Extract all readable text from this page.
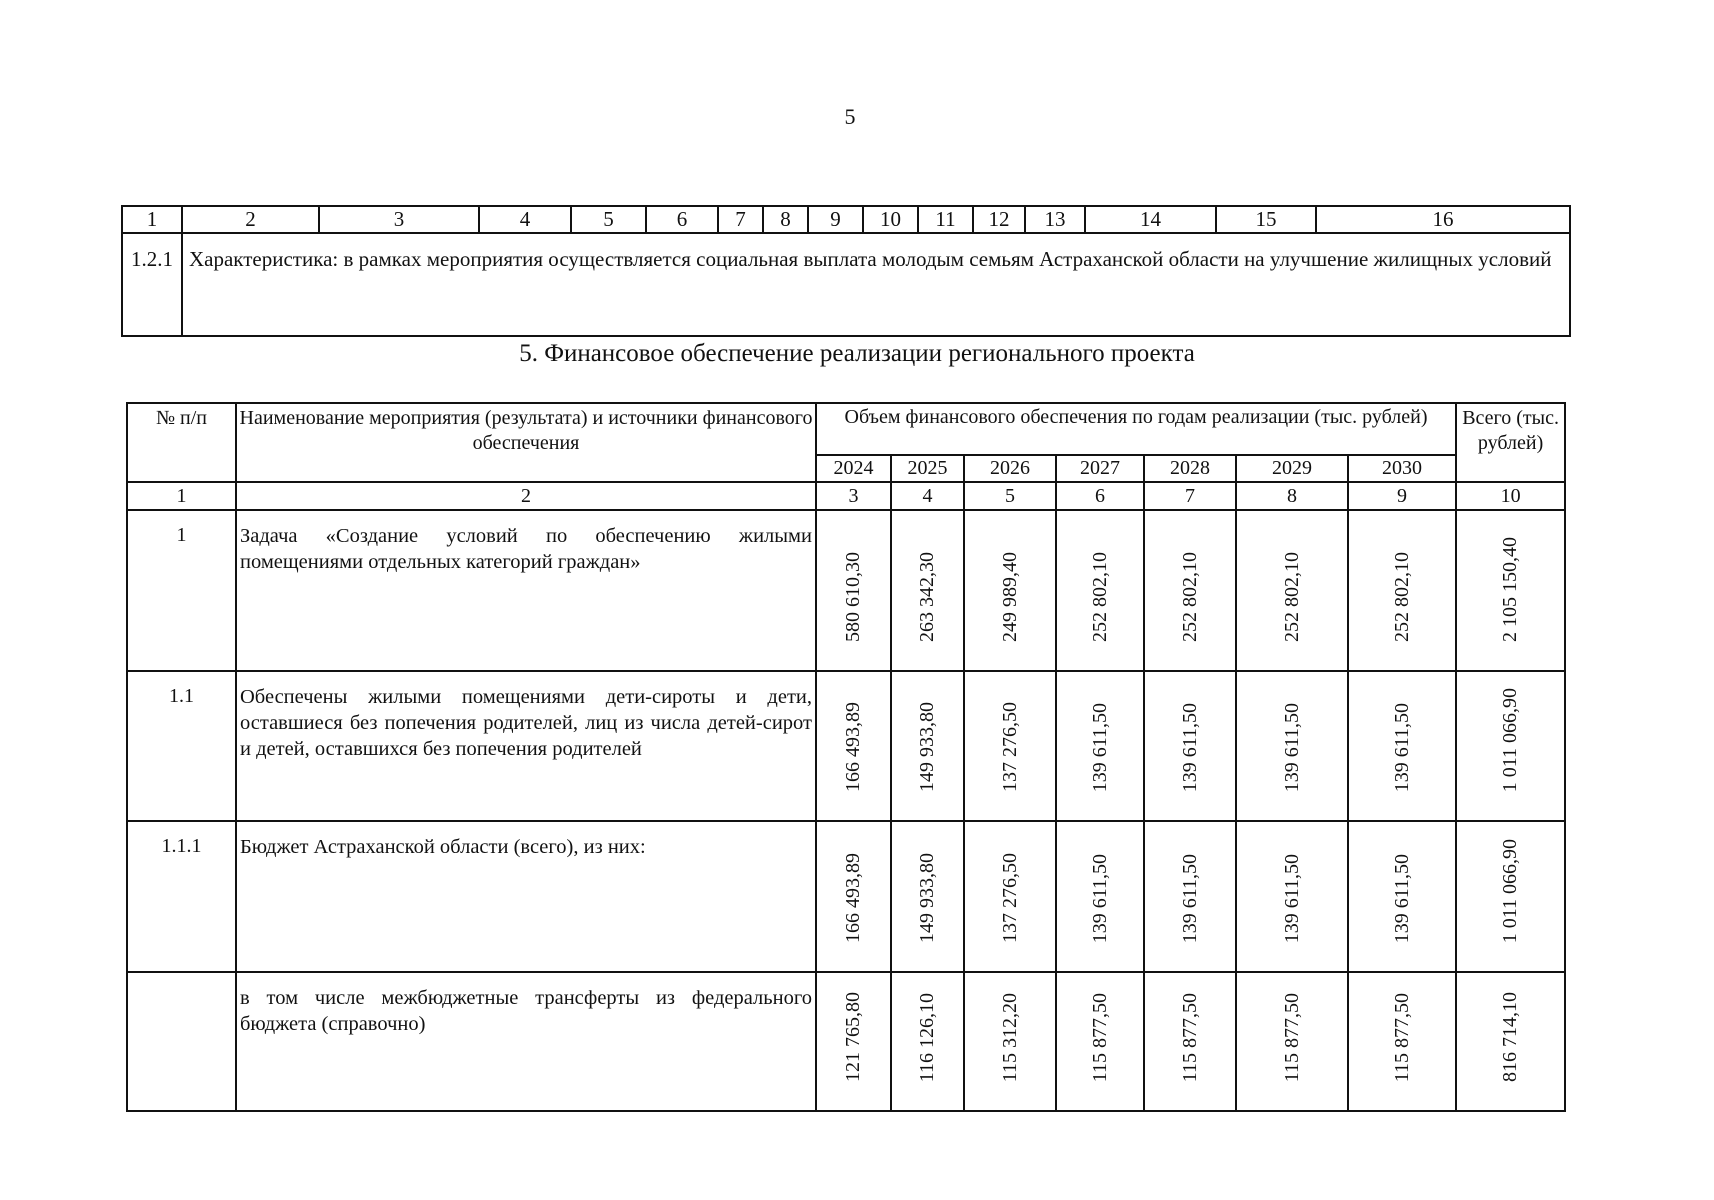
5
1	2	3	4	5	6	7	8	9	10	11	12	13	14	15	16
1.2.1	Характеристика: в рамках мероприятия осуществляется социальная выплата молодым семьям Астраханской области на улучшение жилищных условий														
5. Финансовое обеспечение реализации регионального проекта
№ п/п	Наименование мероприятия (результата) и источники финансового обеспечения	Объем финансового обеспечения по годам реализации (тыс. рублей)							Всего (тыс. рублей)
		2024	2025	2026	2027	2028	2029	2030	
1	2	3	4	5	6	7	8	9	10
1	Задача «Создание условий по обеспечению жилыми помещениями отдельных категорий граждан»	580 610,30	263 342,30	249 989,40	252 802,10	252 802,10	252 802,10	252 802,10	2 105 150,40

1.1	Обеспечены жилыми помещениями дети-сироты и дети, оставшиеся без попечения родителей, лиц из числа детей-сирот и детей, оставшихся без попечения родителей	166 493,89	149 933,80	137 276,50	139 611,50	139 611,50	139 611,50	139 611,50	1 011 066,90

1.1.1	Бюджет Астраханской области (всего), из них:	166 493,89	149 933,80	137 276,50	139 611,50	139 611,50	139 611,50	139 611,50	1 011 066,90

	в том числе межбюджетные трансферты из федерального бюджета (справочно)	121 765,80	116 126,10	115 312,20	115 877,50	115 877,50	115 877,50	115 877,50	816 714,10
